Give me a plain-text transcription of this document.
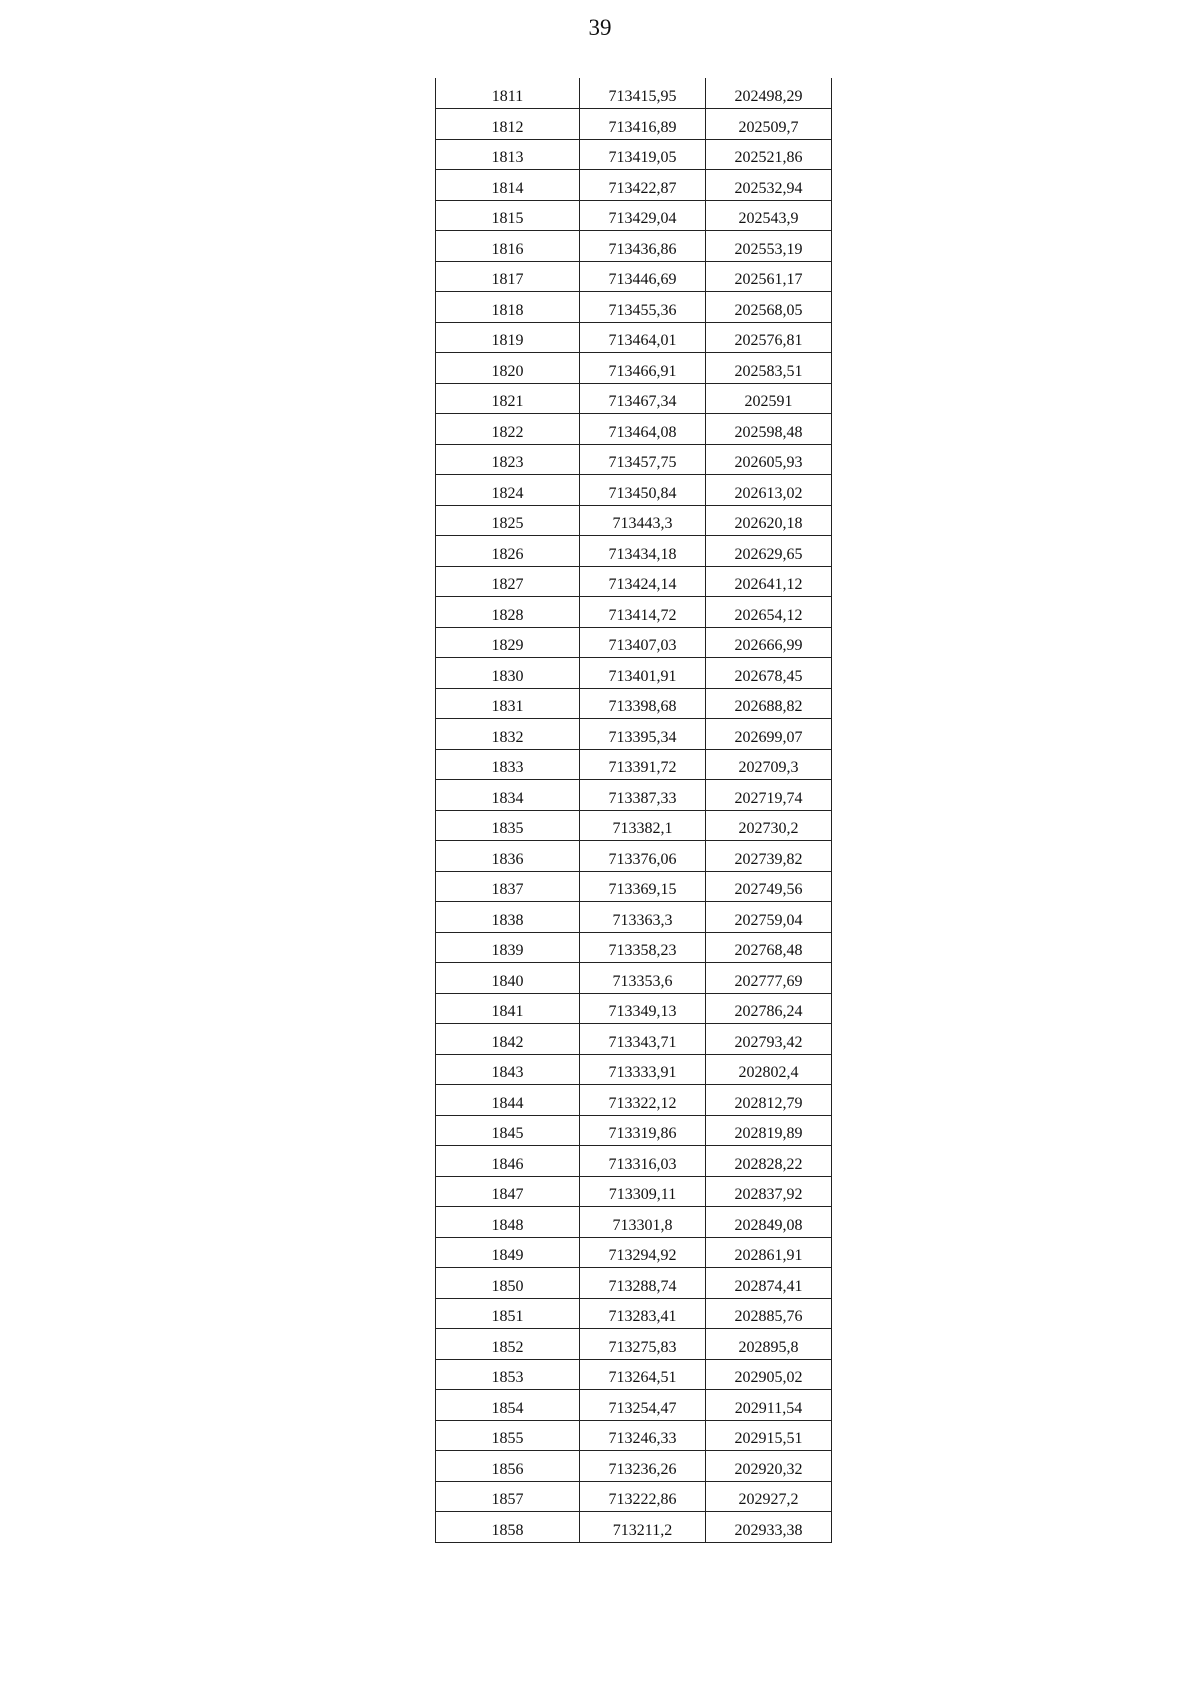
39
1811	713415,95	202498,29
1812	713416,89	202509,7
1813	713419,05	202521,86
1814	713422,87	202532,94
1815	713429,04	202543,9
1816	713436,86	202553,19
1817	713446,69	202561,17
1818	713455,36	202568,05
1819	713464,01	202576,81
1820	713466,91	202583,51
1821	713467,34	202591
1822	713464,08	202598,48
1823	713457,75	202605,93
1824	713450,84	202613,02
1825	713443,3	202620,18
1826	713434,18	202629,65
1827	713424,14	202641,12
1828	713414,72	202654,12
1829	713407,03	202666,99
1830	713401,91	202678,45
1831	713398,68	202688,82
1832	713395,34	202699,07
1833	713391,72	202709,3
1834	713387,33	202719,74
1835	713382,1	202730,2
1836	713376,06	202739,82
1837	713369,15	202749,56
1838	713363,3	202759,04
1839	713358,23	202768,48
1840	713353,6	202777,69
1841	713349,13	202786,24
1842	713343,71	202793,42
1843	713333,91	202802,4
1844	713322,12	202812,79
1845	713319,86	202819,89
1846	713316,03	202828,22
1847	713309,11	202837,92
1848	713301,8	202849,08
1849	713294,92	202861,91
1850	713288,74	202874,41
1851	713283,41	202885,76
1852	713275,83	202895,8
1853	713264,51	202905,02
1854	713254,47	202911,54
1855	713246,33	202915,51
1856	713236,26	202920,32
1857	713222,86	202927,2
1858	713211,2	202933,38
